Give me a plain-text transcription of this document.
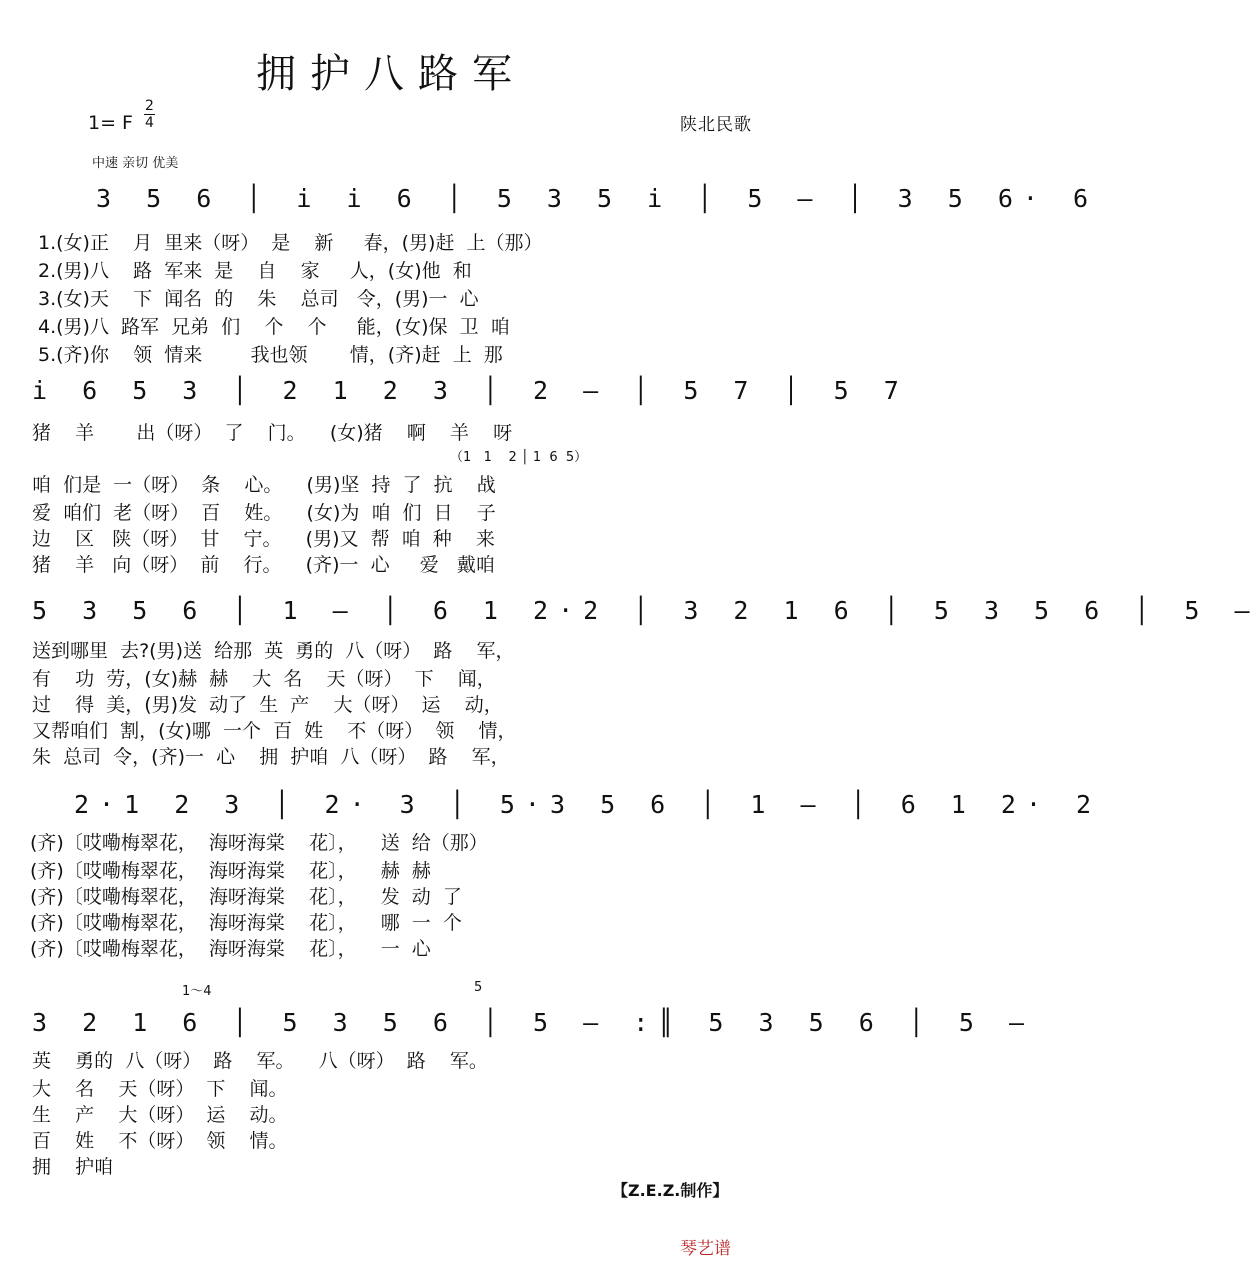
拥护八路军
1= F
2
4	陕北民歌
中速 亲切 优美
3 5 6 │ i i 6 │ 5 3 5 i │ 5 – │ 3 5 6· 6
1.(女)正    月  里来（呀）  是    新     春，(男)赶  上（那）
2.(男)八    路  军来  是    自    家     人，(女)他  和
3.(女)天    下  闻名  的    朱    总司   令，(男)一  心
4.(男)八  路军  兄弟  们    个    个     能，(女)保  卫  咱
5.(齐)你    领  情来        我也领       情，(齐)赶  上  那
i 6 5 3 │ 2 1 2 3 │ 2 – │ 5 7 │ 5 7
猪    羊       出（呀）  了    门。    (女)猪    啊    羊    呀
（1   1    2 │ 1  6  5）
咱  们是  一（呀）  条    心。    (男)坚  持  了  抗    战
爱  咱们  老（呀）  百    姓。    (女)为  咱  们  日    子
边    区   陕（呀）  甘    宁。    (男)又  帮  咱  种    来
猪    羊   向（呀）  前    行。    (齐)一  心     爱   戴咱
5 3 5 6 │ 1 – │ 6 1 2·2 │ 3 2 1 6 │ 5 3 5 6 │ 5 –
送到哪里  去?(男)送  给那  英  勇的  八（呀）  路    军，
有    功  劳，(女)赫  赫    大  名    天（呀）  下    闻，
过    得  美，(男)发  动了  生  产    大（呀）  运    动，
又帮咱们  割，(女)哪  一个  百  姓    不（呀）  领    情，
朱  总司  令，(齐)一  心    拥  护咱  八（呀）  路    军，
2·1 2 3 │ 2· 3 │ 5·3 5 6 │ 1 – │ 6 1 2· 2
(齐)〔哎嘞梅翠花，  海呀海棠    花〕，    送  给（那）
(齐)〔哎嘞梅翠花，  海呀海棠    花〕，    赫  赫
(齐)〔哎嘞梅翠花，  海呀海棠    花〕，    发  动  了
(齐)〔哎嘞梅翠花，  海呀海棠    花〕，    哪  一  个
(齐)〔哎嘞梅翠花，  海呀海棠    花〕，    一  心
1～4	5
3 2 1 6 │ 5 3 5 6 │ 5 – :║ 5 3 5 6 │ 5 –
英    勇的  八（呀）  路    军。    八（呀）  路    军。
大    名    天（呀）  下    闻。
生    产    大（呀）  运    动。
百    姓    不（呀）  领    情。
拥    护咱
【Z.E.Z.制作】
琴艺谱
